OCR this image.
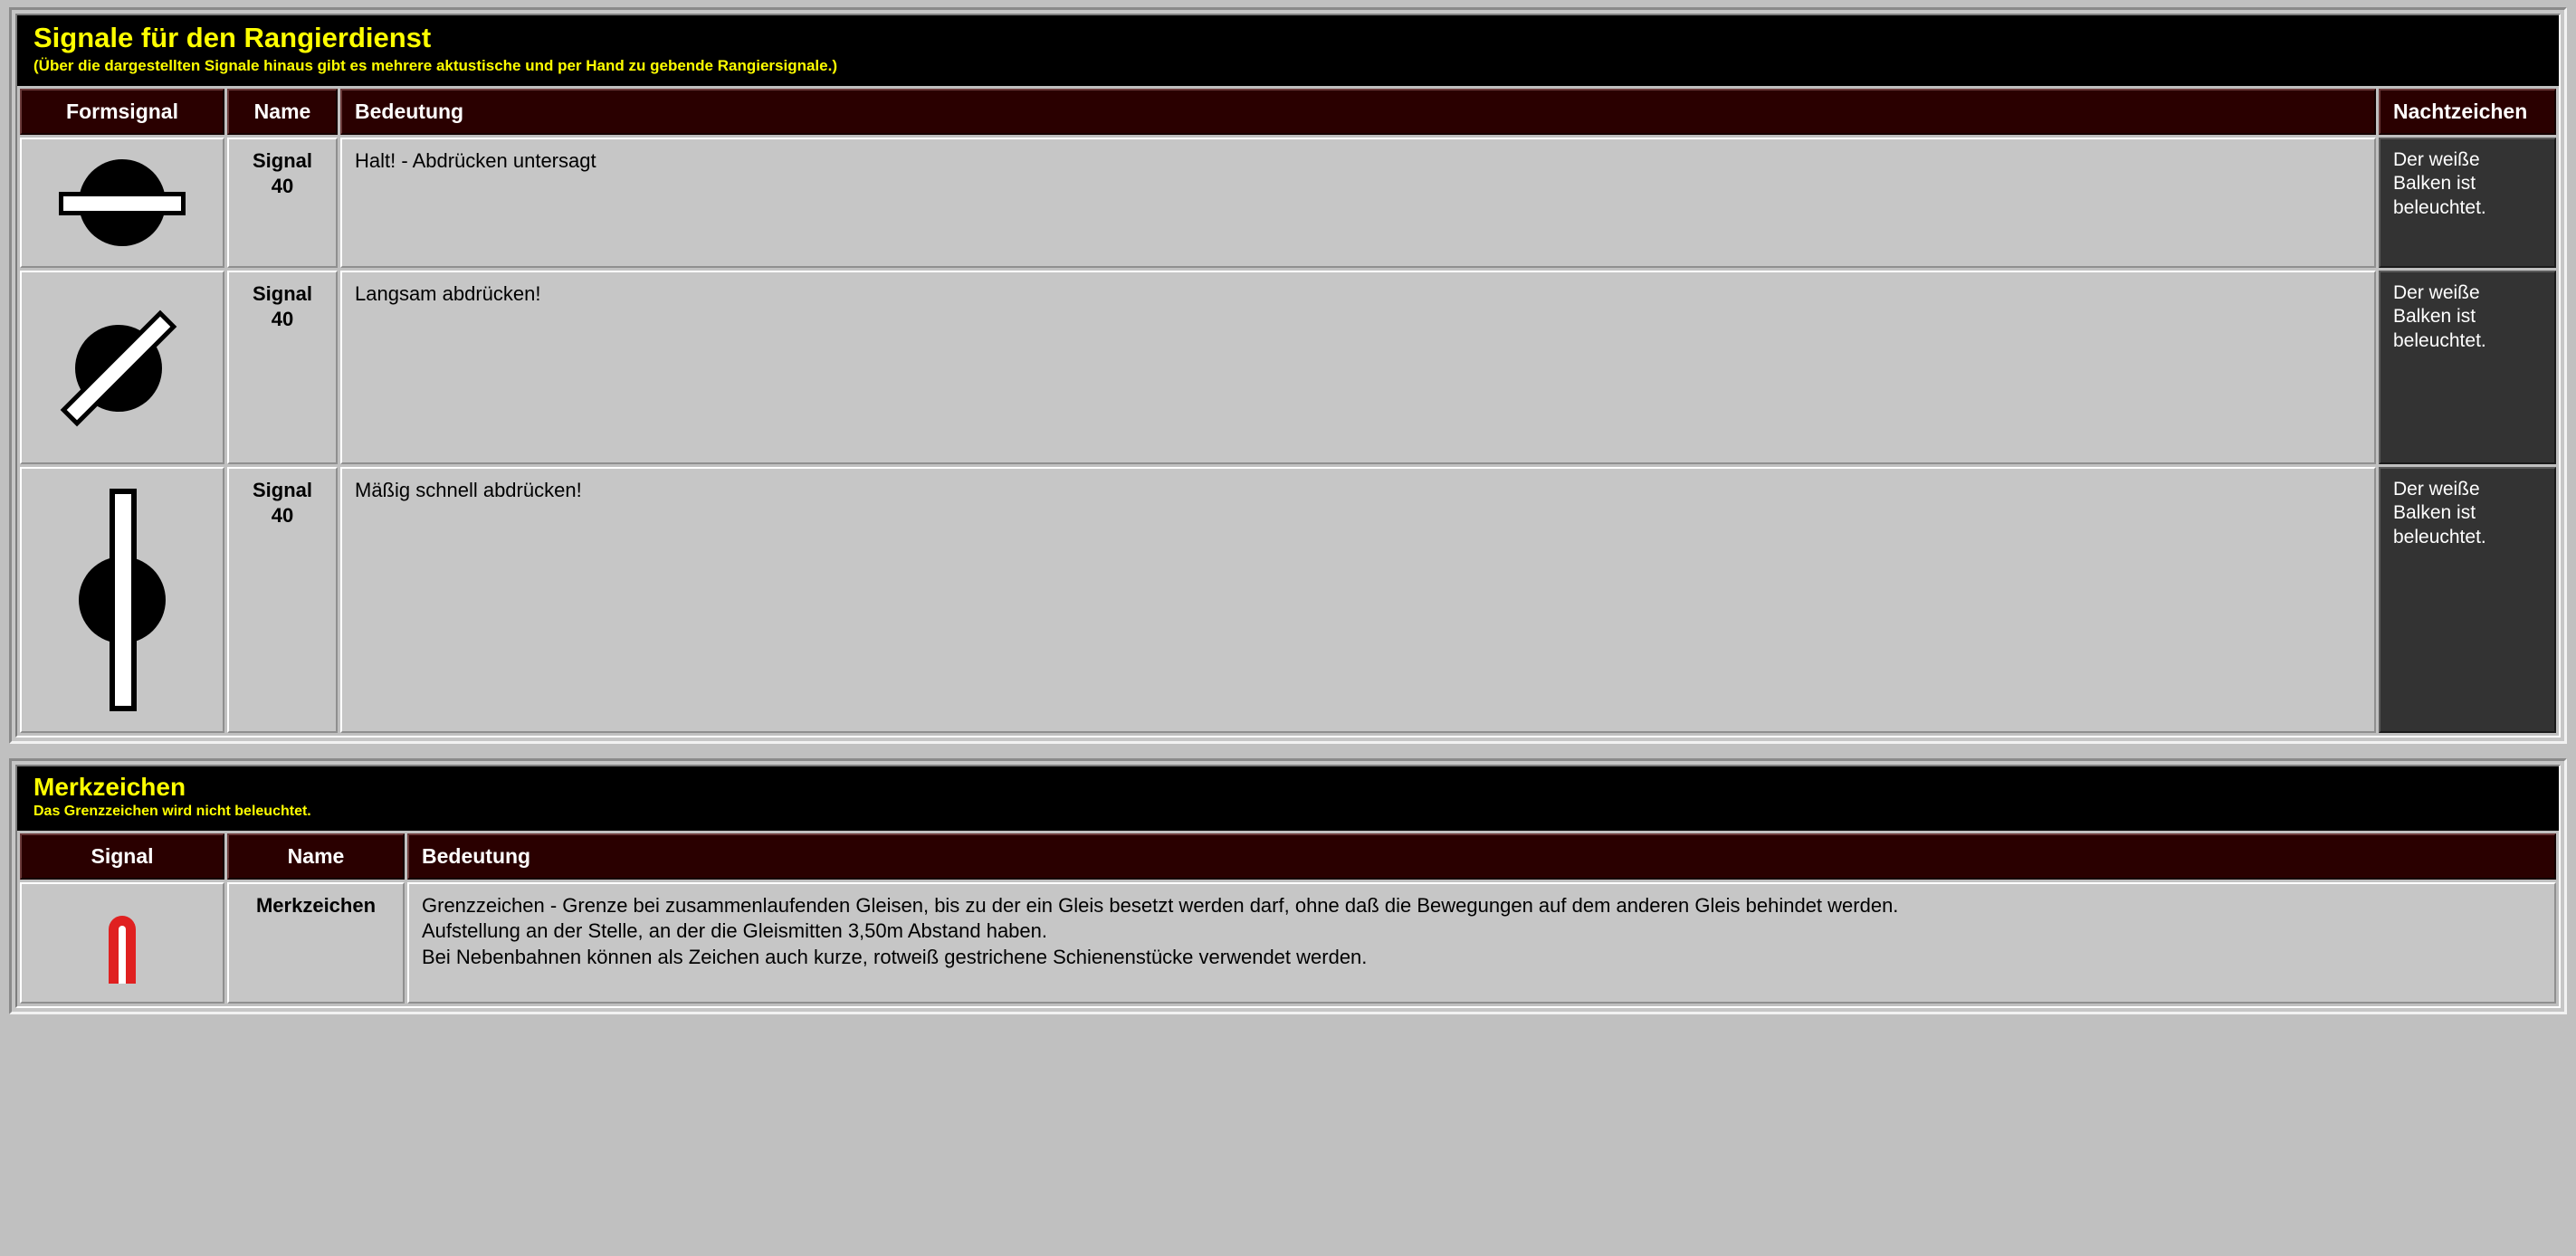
Signale für den Rangierdienst
(Über die dargestellten Signale hinaus gibt es mehrere aktustische und per Hand zu gebende Rangiersignale.)
Formsignal	Name	Bedeutung	Nachtzeichen

	Signal 40	Halt! - Abdrücken untersagt	Der weiße Balken ist beleuchtet.

	Signal 40	Langsam abdrücken!	Der weiße Balken ist beleuchtet.

	Signal 40	Mäßig schnell abdrücken!	Der weiße Balken ist beleuchtet.
Merkzeichen
Das Grenzzeichen wird nicht beleuchtet.
Signal	Name	Bedeutung

	Merkzeichen	Grenzzeichen - Grenze bei zusammenlaufenden Gleisen, bis zu der ein Gleis besetzt werden darf, ohne daß die Bewegungen auf dem anderen Gleis behindet werden.
Aufstellung an der Stelle, an der die Gleismitten 3,50m Abstand haben.
Bei Nebenbahnen können als Zeichen auch kurze, rotweiß gestrichene Schienenstücke verwendet werden.
